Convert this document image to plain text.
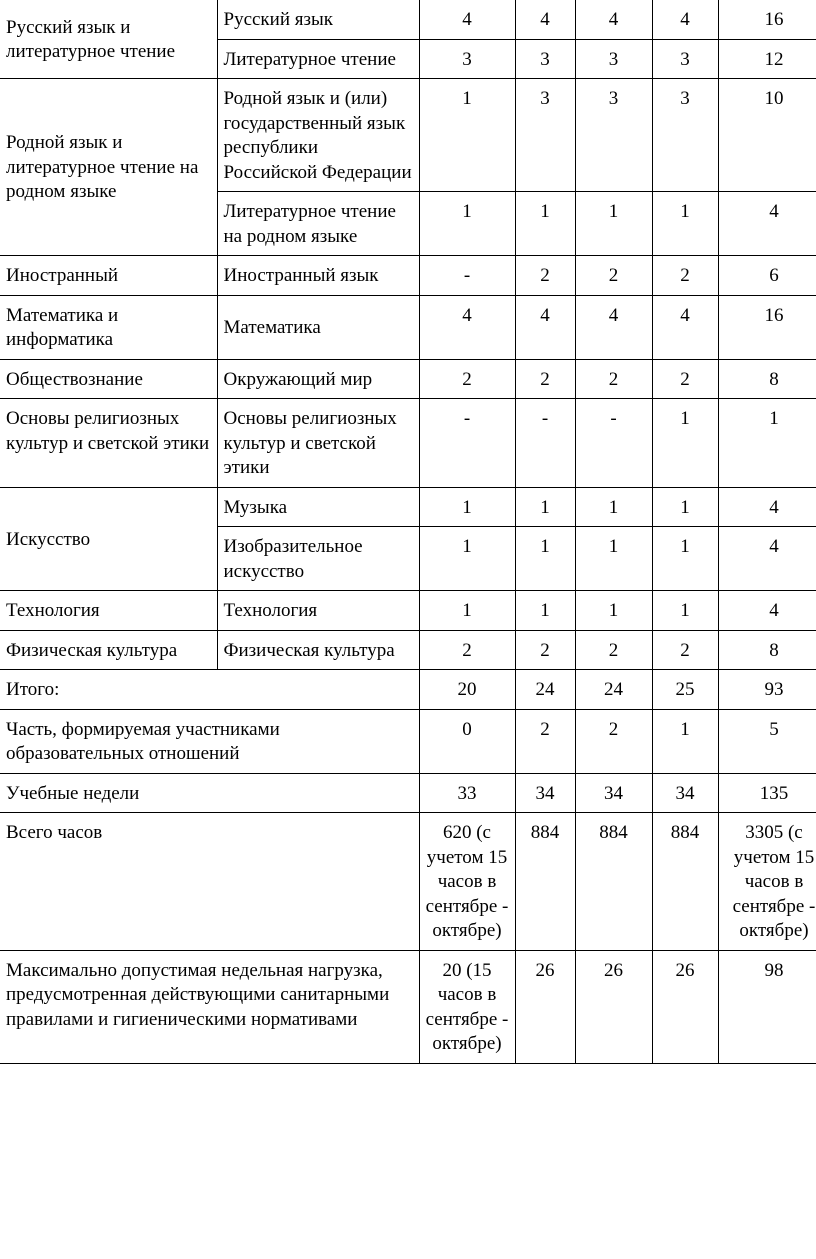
Русский язык и литературное чтение	Русский язык	4	4	4	4	16
	Литературное чтение	3	3	3	3	12
Родной язык и литературное чтение на родном языке	Родной язык и (или) государственный язык республики Российской Федерации	1	3	3	3	10
	Литературное чтение на родном языке	1	1	1	1	4
Иностранный	Иностранный язык	-	2	2	2	6
Математика и информатика	Математика	4	4	4	4	16
Обществознание	Окружающий мир	2	2	2	2	8
Основы религиозных культур и светской этики	Основы религиозных культур и светской этики	-	-	-	1	1
Искусство	Музыка	1	1	1	1	4
	Изобразительное искусство	1	1	1	1	4
Технология	Технология	1	1	1	1	4
Физическая культура	Физическая культура	2	2	2	2	8
Итого:		20	24	24	25	93
Часть, формируемая участниками образовательных отношений		0	2	2	1	5
Учебные недели		33	34	34	34	135
Всего часов		620 (с учетом 15 часов в сентябре - октябре)	884	884	884	3305 (с учетом 15 часов в сентябре - октябре)
Максимально допустимая недельная нагрузка, предусмотренная действующими санитарными правилами и гигиеническими нормативами		20 (15 часов в сентябре - октябре)	26	26	26	98
